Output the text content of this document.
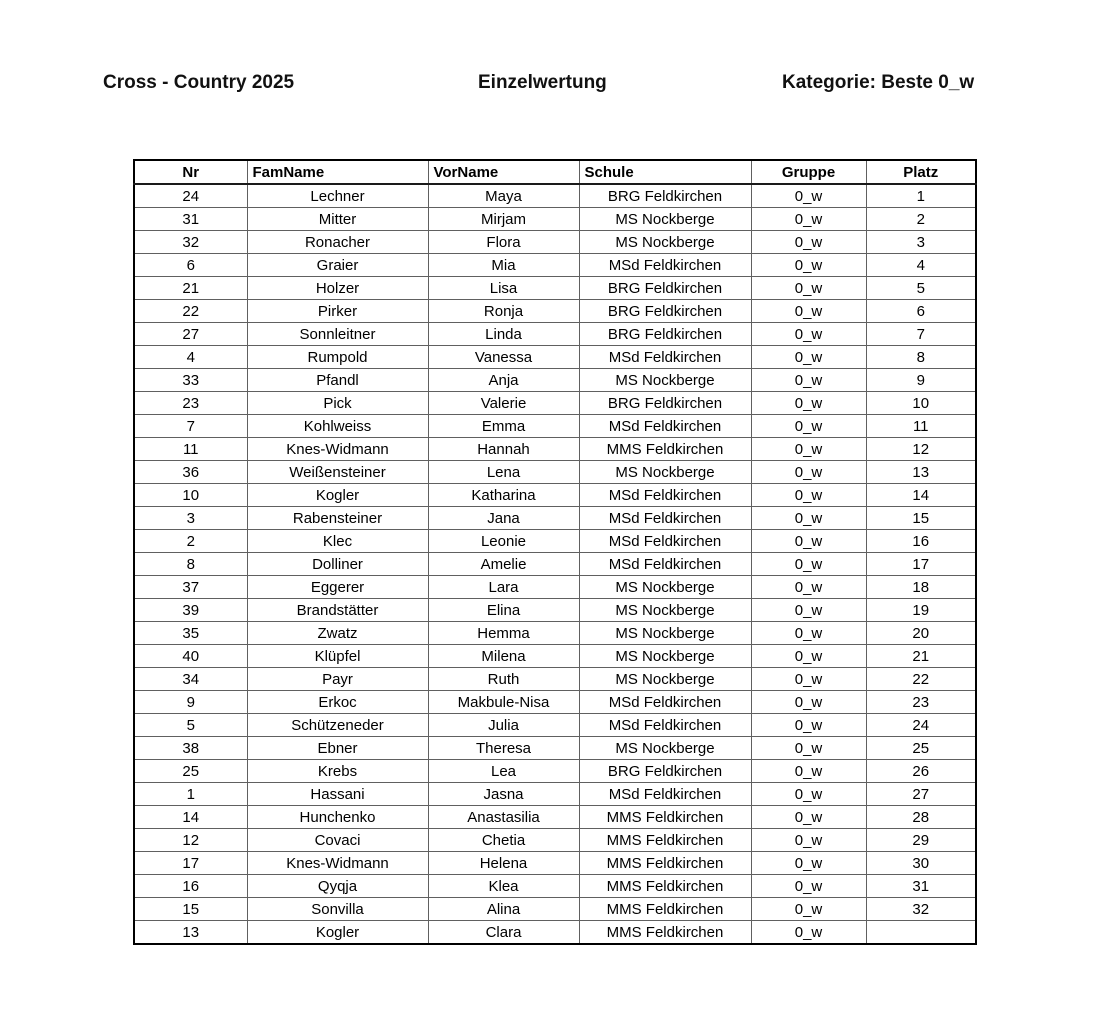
Cross - Country 2025	Einzelwertung	Kategorie: Beste 0_w
Nr	FamName	VorName	Schule	Gruppe	Platz
24	Lechner	Maya	BRG Feldkirchen	0_w	1
31	Mitter	Mirjam	MS Nockberge	0_w	2
32	Ronacher	Flora	MS Nockberge	0_w	3
6	Graier	Mia	MSd Feldkirchen	0_w	4
21	Holzer	Lisa	BRG Feldkirchen	0_w	5
22	Pirker	Ronja	BRG Feldkirchen	0_w	6
27	Sonnleitner	Linda	BRG Feldkirchen	0_w	7
4	Rumpold	Vanessa	MSd Feldkirchen	0_w	8
33	Pfandl	Anja	MS Nockberge	0_w	9
23	Pick	Valerie	BRG Feldkirchen	0_w	10
7	Kohlweiss	Emma	MSd Feldkirchen	0_w	11
11	Knes-Widmann	Hannah	MMS Feldkirchen	0_w	12
36	Weißensteiner	Lena	MS Nockberge	0_w	13
10	Kogler	Katharina	MSd Feldkirchen	0_w	14
3	Rabensteiner	Jana	MSd Feldkirchen	0_w	15
2	Klec	Leonie	MSd Feldkirchen	0_w	16
8	Dolliner	Amelie	MSd Feldkirchen	0_w	17
37	Eggerer	Lara	MS Nockberge	0_w	18
39	Brandstätter	Elina	MS Nockberge	0_w	19
35	Zwatz	Hemma	MS Nockberge	0_w	20
40	Klüpfel	Milena	MS Nockberge	0_w	21
34	Payr	Ruth	MS Nockberge	0_w	22
9	Erkoc	Makbule-Nisa	MSd Feldkirchen	0_w	23
5	Schützeneder	Julia	MSd Feldkirchen	0_w	24
38	Ebner	Theresa	MS Nockberge	0_w	25
25	Krebs	Lea	BRG Feldkirchen	0_w	26
1	Hassani	Jasna	MSd Feldkirchen	0_w	27
14	Hunchenko	Anastasilia	MMS Feldkirchen	0_w	28
12	Covaci	Chetia	MMS Feldkirchen	0_w	29
17	Knes-Widmann	Helena	MMS Feldkirchen	0_w	30
16	Qyqja	Klea	MMS Feldkirchen	0_w	31
15	Sonvilla	Alina	MMS Feldkirchen	0_w	32
13	Kogler	Clara	MMS Feldkirchen	0_w	
